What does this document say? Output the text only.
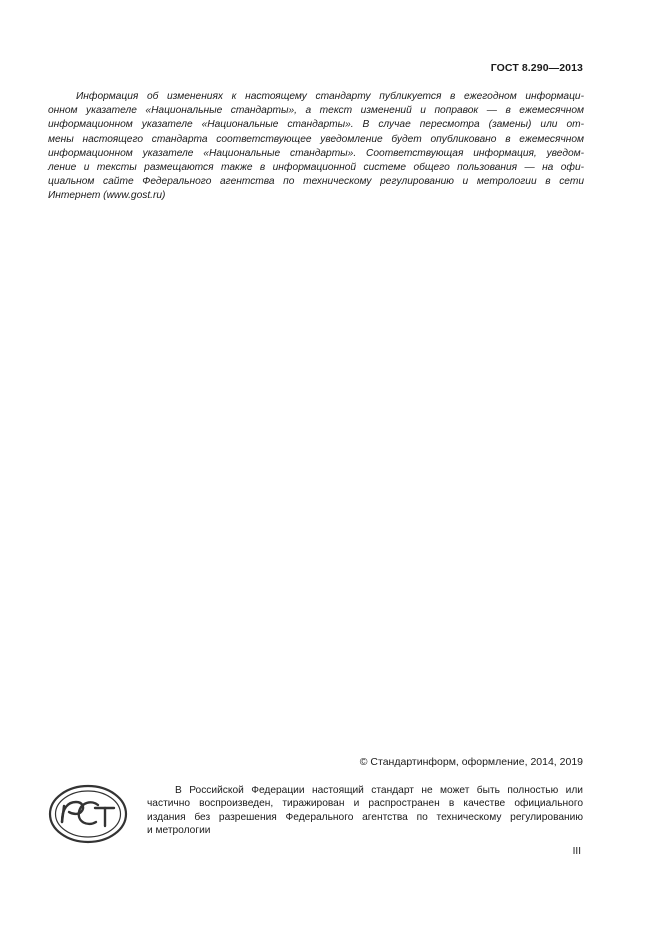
ГОСТ 8.290—2013
Информация об изменениях к настоящему стандарту публикуется в ежегодном информаци-
онном указателе «Национальные стандарты», а текст изменений и поправок — в ежемесячном
информационном указателе «Национальные стандарты». В случае пересмотра (замены) или от-
мены настоящего стандарта соответствующее уведомление будет опубликовано в ежемесячном
информационном указателе «Национальные стандарты». Соответствующая информация, уведом-
ление и тексты размещаются также в информационной системе общего пользования — на офи-
циальном сайте Федерального агентства по техническому регулированию и метрологии в сети
Интернет (www.gost.ru)
© Стандартинформ, оформление, 2014, 2019
В Российской Федерации настоящий стандарт не может быть полностью или
частично воспроизведен, тиражирован и распространен в качестве официального
издания без разрешения Федерального агентства по техническому регулированию
и метрологии
III
